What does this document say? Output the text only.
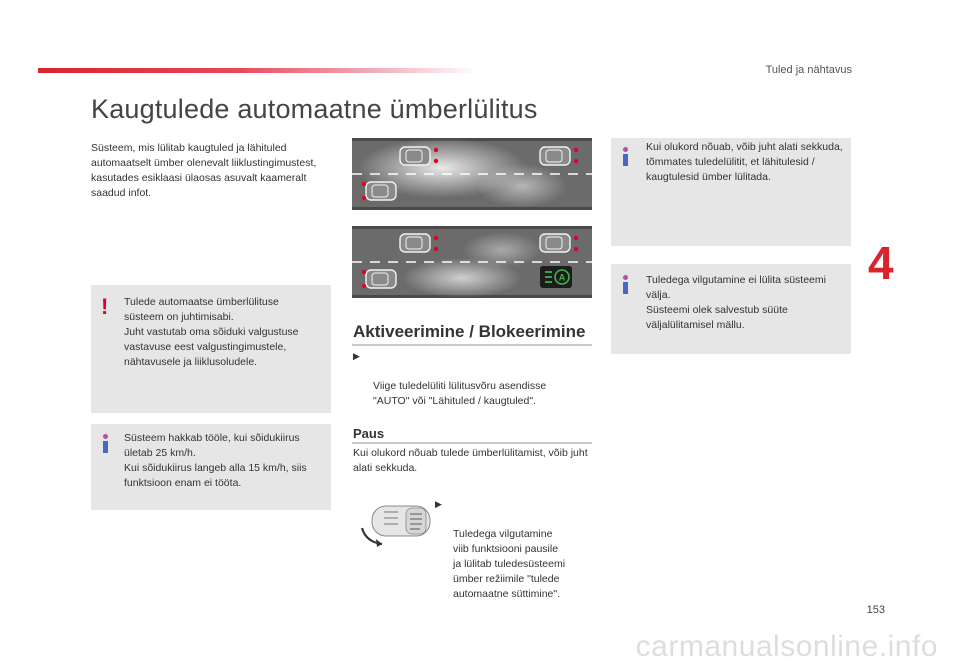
Tuled ja nähtavus
Kaugtulede automaatne ümberlülitus
Süsteem, mis lülitab kaugtuled ja lähituled automaatselt ümber olenevalt liiklustingimustest, kasutades esiklaasi ülaosas asuvalt kaameralt saadud infot.
! Tulede automaatse ümberlülituse
süsteem on juhtimisabi.
Juht vastutab oma sõiduki valgustuse vastavuse eest valgustingimustele, nähtavusele ja liiklusoludele.
Süsteem hakkab tööle, kui sõidukiirus ületab 25 km/h.
Kui sõidukiirus langeb alla 15 km/h, siis funktsioon enam ei tööta.
A
Aktiveerimine / Blokeerimine

▶

Viige tuledelüliti lülitusvõru asendisse "AUTO" või "Lähituled / kaugtuled".

Paus
Kui olukord nõuab tulede ümberlülitamist, võib juht alati sekkuda.

▶

Tuledega vilgutamine
viib funktsiooni pausile
ja lülitab tuledesüsteemi
ümber režiimile "tulede
automaatne süttimine".

Kui olukord nõuab, võib juht alati sekkuda, tõmmates tuledelülitit, et lähitulesid / kaugtulesid ümber lülitada.
Tuledega vilgutamine ei lülita süsteemi välja.
Süsteemi olek salvestub süüte väljalülitamisel mällu.
4
153
carmanualsonline.info
